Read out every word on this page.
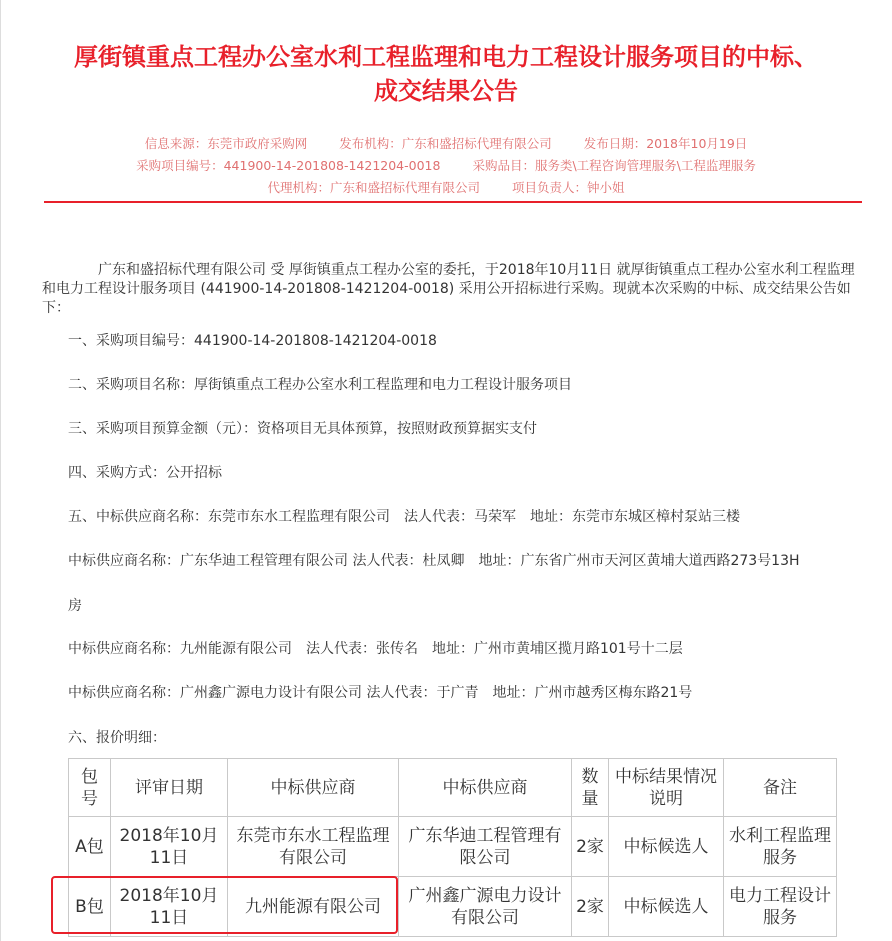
厚街镇重点工程办公室水利工程监理和电力工程设计服务项目的中标、
成交结果公告
信息来源：东莞市政府采购网	发布机构：广东和盛招标代理有限公司	发布日期：2018年10月19日
采购项目编号：441900-14-201808-1421204-0018	采购品目：服务类\工程咨询管理服务\工程监理服务
代理机构：广东和盛招标代理有限公司	项目负责人：钟小姐
广东和盛招标代理有限公司 受 厚街镇重点工程办公室的委托，于2018年10月11日 就厚街镇重点工程办公室水利工程监理和电力工程设计服务项目 (441900-14-201808-1421204-0018) 采用公开招标进行采购。现就本次采购的中标、成交结果公告如下：
一、采购项目编号：441900-14-201808-1421204-0018
二、采购项目名称：厚街镇重点工程办公室水利工程监理和电力工程设计服务项目
三、采购项目预算金额（元）：资格项目无具体预算，按照财政预算据实支付
四、采购方式：公开招标
五、中标供应商名称：东莞市东水工程监理有限公司　法人代表：马荣军　地址：东莞市东城区樟村泵站三楼
中标供应商名称：广东华迪工程管理有限公司 法人代表：杜凤卿　地址：广东省广州市天河区黄埔大道西路273号13H
房
中标供应商名称：九州能源有限公司　法人代表：张传名　地址：广州市黄埔区揽月路101号十二层
中标供应商名称：广州鑫广源电力设计有限公司 法人代表：于广青　地址：广州市越秀区梅东路21号
六、报价明细：
包号	评审日期	中标供应商	中标供应商	数量	中标结果情况说明	备注
A包	2018年10月11日	东莞市东水工程监理有限公司	广东华迪工程管理有限公司	2家	中标候选人	水利工程监理服务
B包	2018年10月11日	九州能源有限公司	广州鑫广源电力设计有限公司	2家	中标候选人	电力工程设计服务
